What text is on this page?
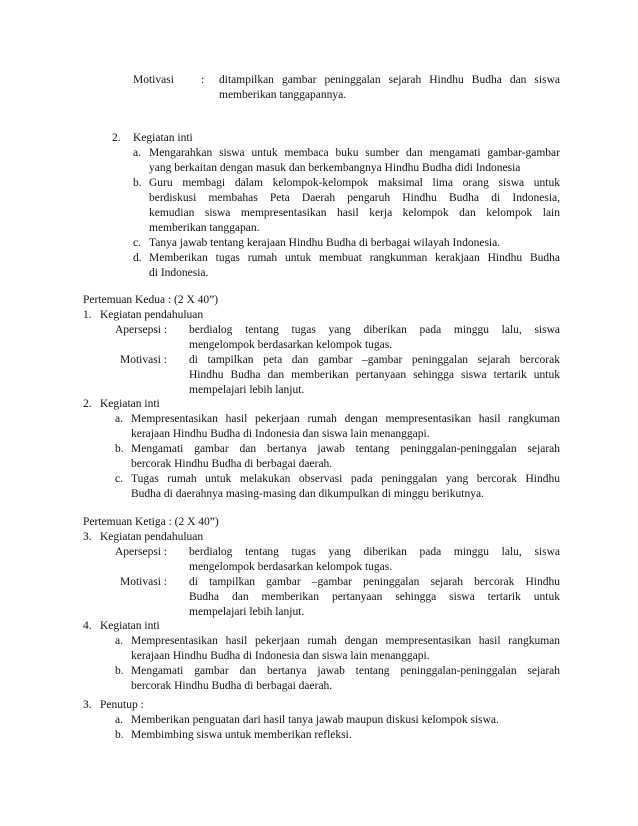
Motivasi : ditampilkan gambar peninggalan sejarah Hindhu Budha dan siswa
memberikan tanggapannya.
2. Kegiatan inti
a. Mengarahkan siswa untuk membaca buku sumber dan mengamati gambar-gambar
yang berkaitan dengan masuk dan berkembangnya Hindhu Budha didi Indonesia
b. Guru membagi dalam kelompok-kelompok maksimal lima orang siswa untuk
berdiskusi membahas Peta Daerah pengaruh Hindhu Budha di Indonesia,
kemudian siswa mempresentasikan hasil kerja kelompok dan kelompok lain
memberikan tanggapan.
c. Tanya jawab tentang kerajaan Hindhu Budha di berbagai wilayah Indonesia.
d. Memberikan tugas rumah untuk membuat rangkunman kerakjaan Hindhu Budha
di Indonesia.
Pertemuan Kedua : (2 X 40”)
1. Kegiatan pendahuluan
Apersepsi : berdialog tentang tugas yang diberikan pada minggu lalu, siswa
mengelompok berdasarkan kelompok tugas.
Motivasi : di tampilkan peta dan gambar –gambar peninggalan sejarah bercorak
Hindhu Budha dan memberikan pertanyaan sehingga siswa tertarik untuk
mempelajari lebih lanjut.
2. Kegiatan inti
a. Mempresentasikan hasil pekerjaan rumah dengan mempresentasikan hasil rangkuman
kerajaan Hindhu Budha di Indonesia dan siswa lain menanggapi.
b. Mengamati gambar dan bertanya jawab tentang peninggalan-peninggalan sejarah
bercorak Hindhu Budha di berbagai daerah.
c. Tugas rumah untuk melakukan observasi pada peninggalan yang bercorak Hindhu
Budha di daerahnya masing-masing dan dikumpulkan di minggu berikutnya.
Pertemuan Ketiga : (2 X 40”)
3. Kegiatan pendahuluan
Apersepsi : berdialog tentang tugas yang diberikan pada minggu lalu, siswa
mengelompok berdasarkan kelompok tugas.
Motivasi : di tampilkan gambar –gambar peninggalan sejarah bercorak Hindhu
Budha dan memberikan pertanyaan sehingga siswa tertarik untuk
mempelajari lebih lanjut.
4. Kegiatan inti
a. Mempresentasikan hasil pekerjaan rumah dengan mempresentasikan hasil rangkuman
kerajaan Hindhu Budha di Indonesia dan siswa lain menanggapi.
b. Mengamati gambar dan bertanya jawab tentang peninggalan-peninggalan sejarah
bercorak Hindhu Budha di berbagai daerah.
3. Penutup :
a. Memberikan penguatan dari hasil tanya jawab maupun diskusi kelompok siswa.
b. Membimbing siswa untuk memberikan refleksi.
